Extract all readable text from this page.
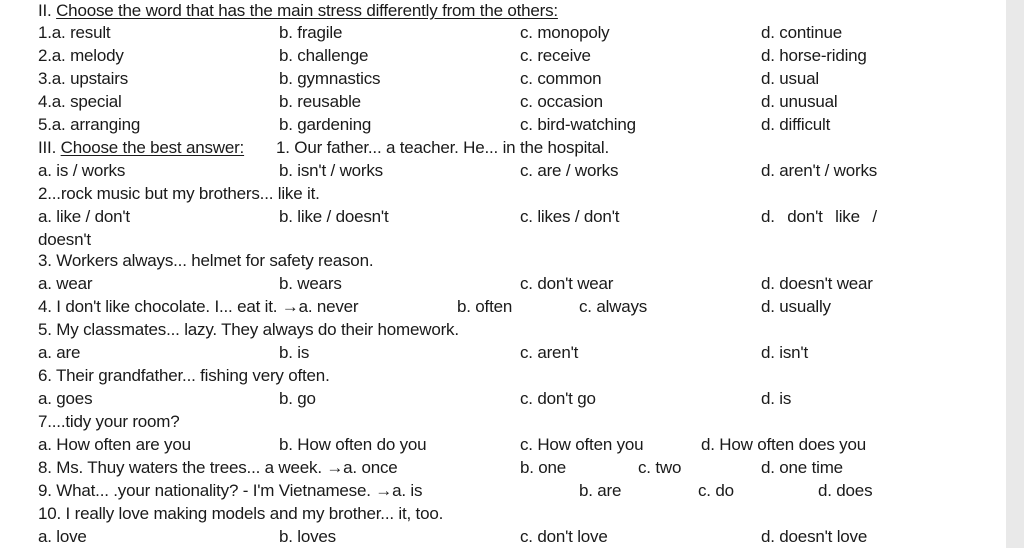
II. Choose the word that has the main stress differently from the others:
1.a. result	b. fragile	c. monopoly	d. continue
2.a. melody	b. challenge	c. receive	d. horse-riding
3.a. upstairs	b. gymnastics	c. common	d. usual
4.a. special	b. reusable	c. occasion	d. unusual
5.a. arranging	b. gardening	c. bird-watching	d. difficult
III. Choose the best answer: 1. Our father... a teacher. He... in the hospital.
a. is / works	b. isn't / works	c. are / works	d. aren't / works
2...rock music but my brothers... like it.
a. like / don't	b. like / doesn't	c. likes / don't	d. don't like /
doesn't
3. Workers always... helmet for safety reason.
a. wear	b. wears	c. don't wear	d. doesn't wear
4. I don't like chocolate. I... eat it. →a. never	b. often	c. always	d. usually
5. My classmates... lazy. They always do their homework.
a. are	b. is	c. aren't	d. isn't
6. Their grandfather... fishing very often.
a. goes	b. go	c. don't go	d. is
7....tidy your room?
a. How often are you	b. How often do you	c. How often you	d. How often does you
8. Ms. Thuy waters the trees... a week. →a. once	b. one	c. two	d. one time
9. What... .your nationality? - I'm Vietnamese. →a. is	b. are	c. do	d. does
10. I really love making models and my brother... it, too.
a. love	b. loves	c. don't love	d. doesn't love
